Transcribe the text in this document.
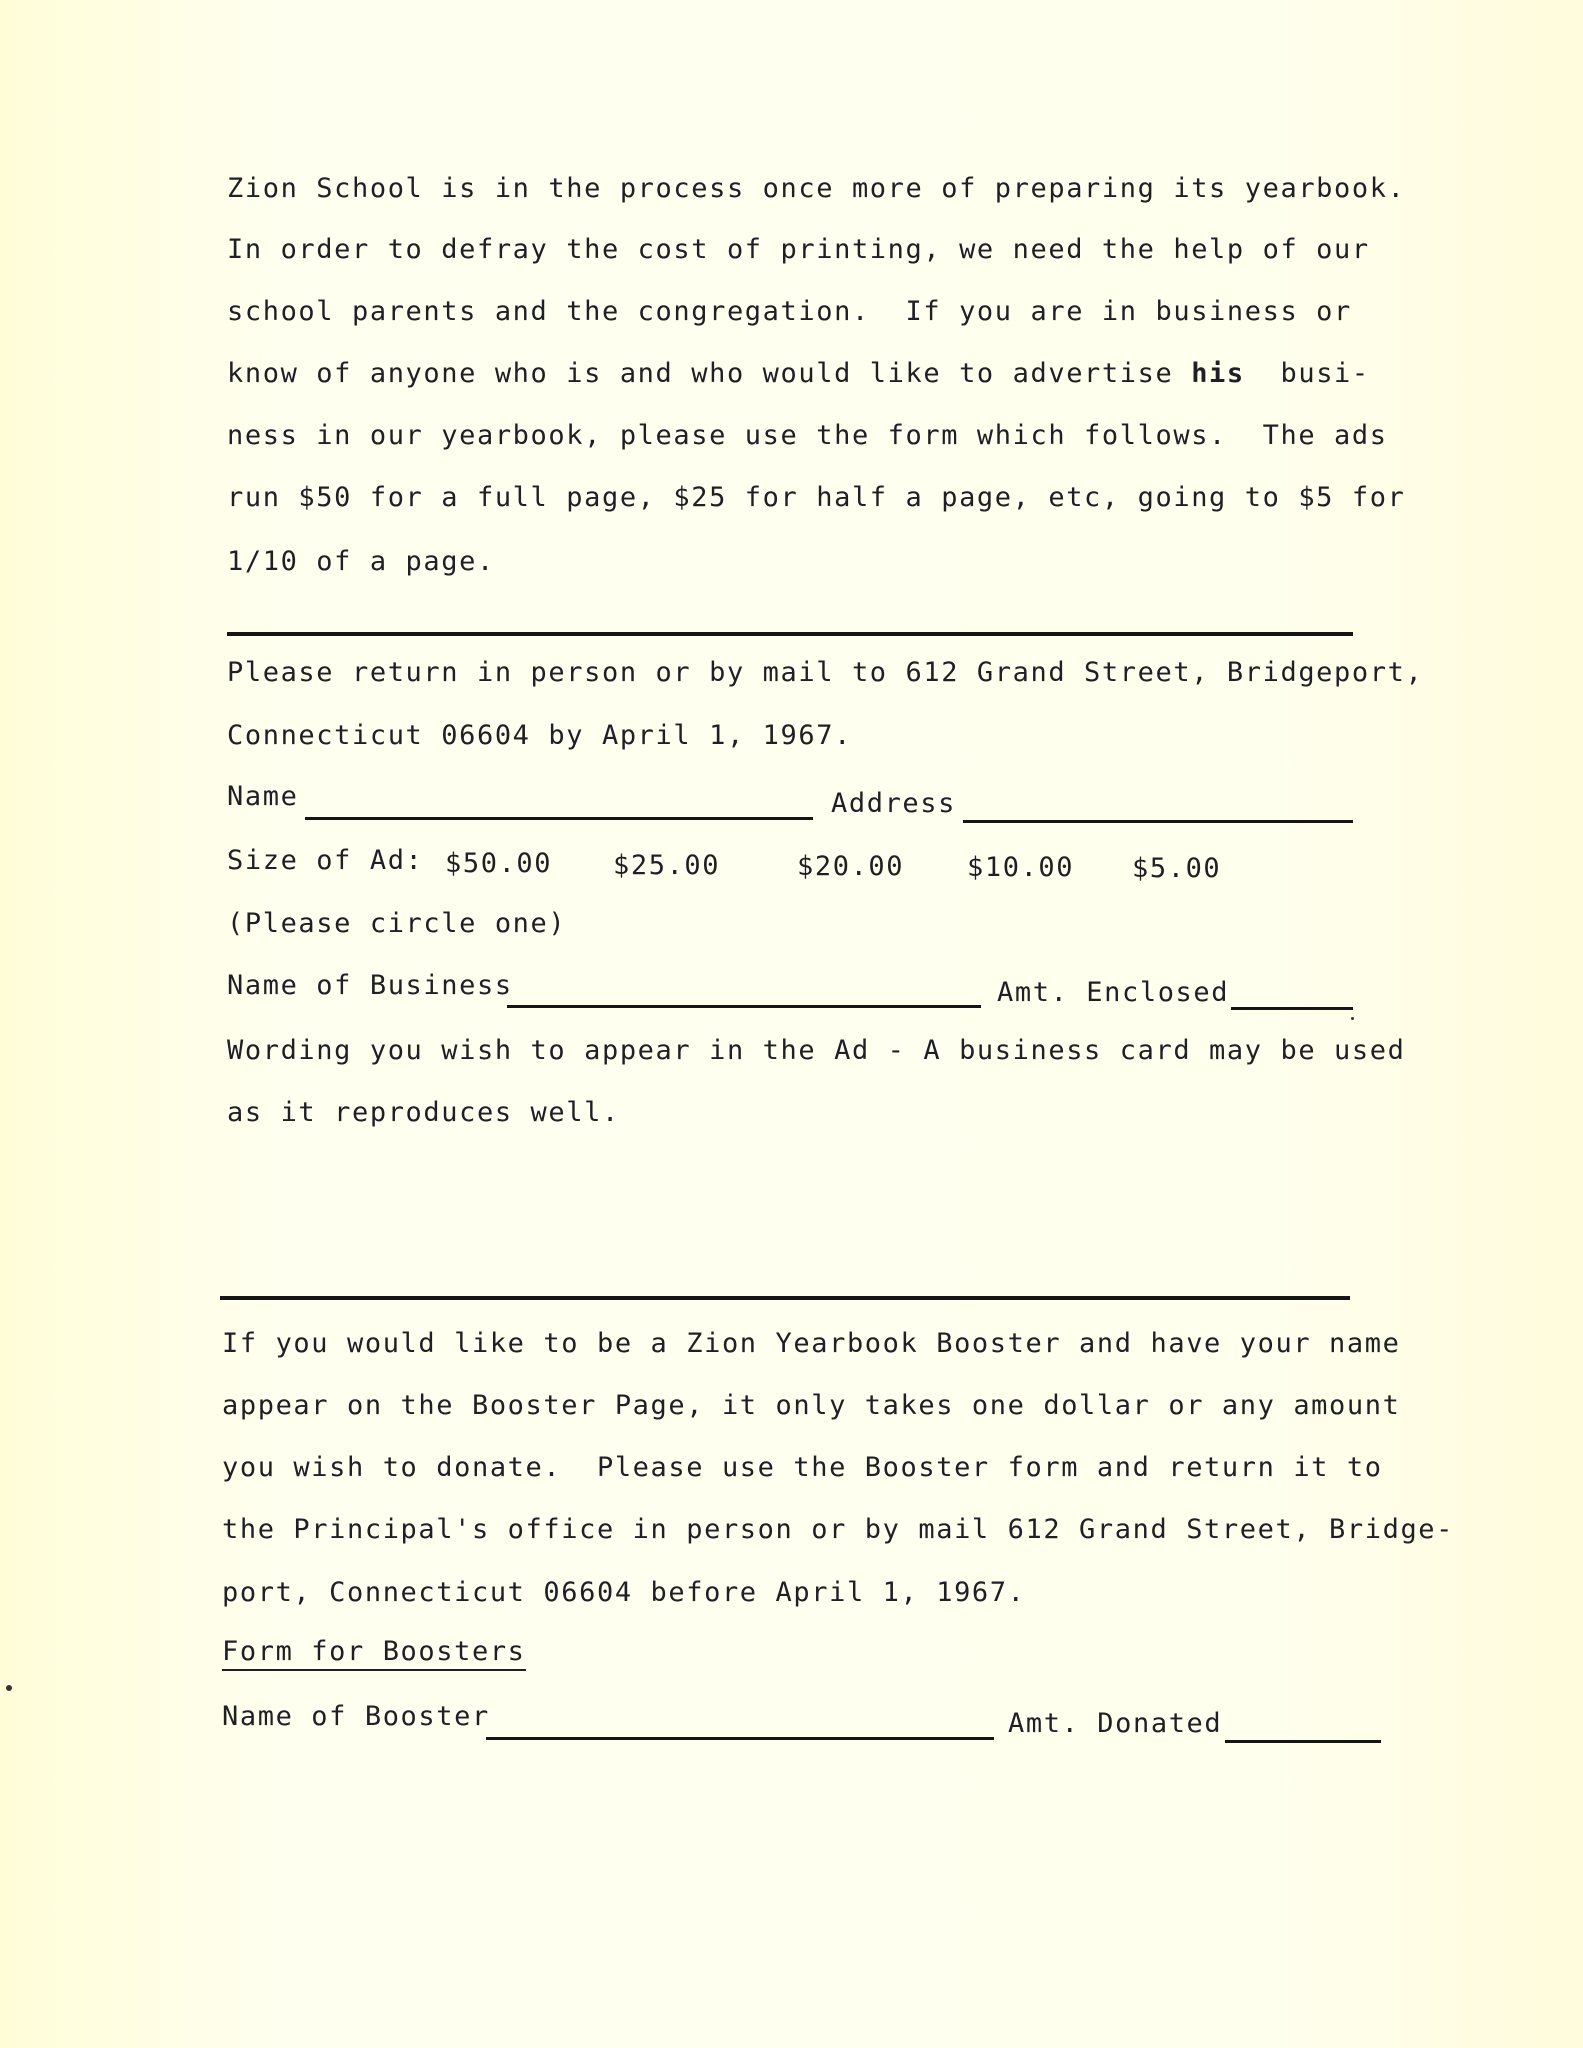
Zion School is in the process once more of preparing its yearbook.
In order to defray the cost of printing, we need the help of our
school parents and the congregation.  If you are in business or
know of anyone who is and who would like to advertise his  busi-
ness in our yearbook, please use the form which follows.  The ads
run $50 for a full page, $25 for half a page, etc, going to $5 for
1/10 of a page.
Please return in person or by mail to 612 Grand Street, Bridgeport,
Connecticut 06604 by April 1, 1967.
Name	Address
Size of Ad: $50.00 $25.00	$20.00 $10.00 $5.00
(Please circle one)
Name of Business	Amt. Enclosed
Wording you wish to appear in the Ad - A business card may be used
as it reproduces well.
If you would like to be a Zion Yearbook Booster and have your name
appear on the Booster Page, it only takes one dollar or any amount
you wish to donate.  Please use the Booster form and return it to
the Principal's office in person or by mail 612 Grand Street, Bridge-
port, Connecticut 06604 before April 1, 1967.
Form for Boosters
Name of Booster	Amt. Donated
